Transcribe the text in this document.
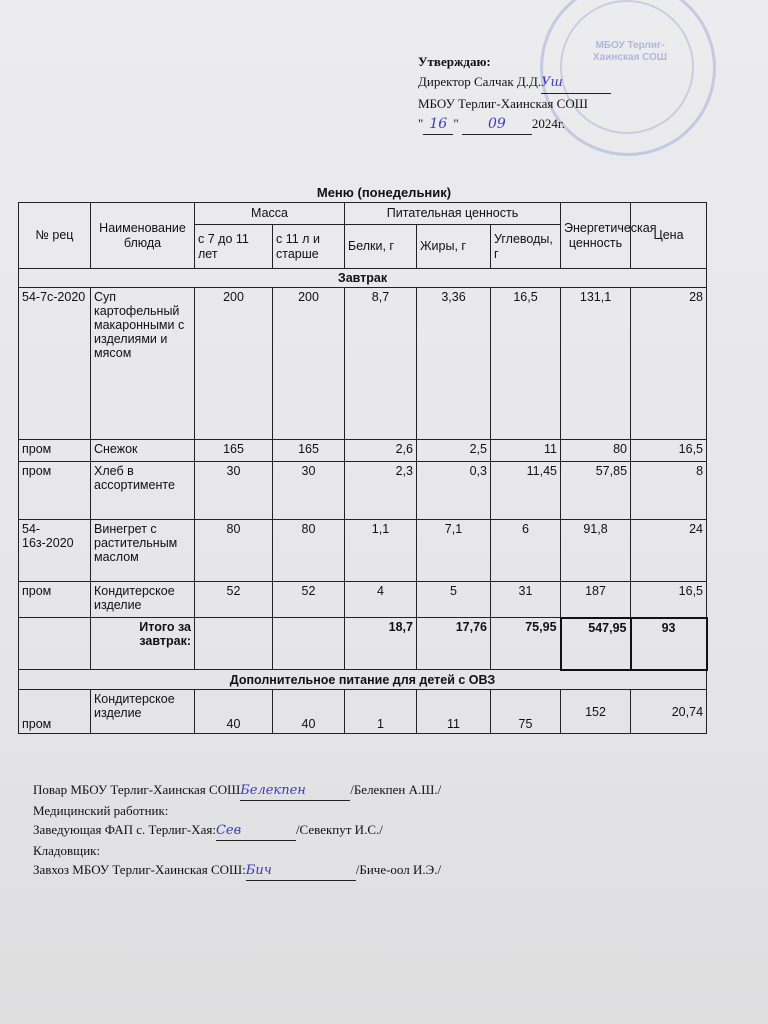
МБОУ Терлиг-Хаинская СОШ
Утверждаю:
Директор Салчак Д.Д.Уш
МБОУ Терлиг-Хаинская СОШ
" 16 " 09 2024г.
Меню (понедельник)
№ рец	Наименование блюда	Масса		Питательная ценность			Энергетическая ценность	Цена
		с 7 до 11 лет	с 11 л и старше	Белки, г	Жиры, г	Углеводы, г		
Завтрак								
54-7с-2020	Суп картофельный макаронными с изделиями и мясом	200	200	8,7	3,36	16,5	131,1	28
пром	Снежок	165	165	2,6	2,5	11	80	16,5
пром	Хлеб в ассортименте	30	30	2,3	0,3	11,45	57,85	8
54-16з-2020	Винегрет с растительным маслом	80	80	1,1	7,1	6	91,8	24
пром	Кондитерское изделие	52	52	4	5	31	187	16,5
	Итого за завтрак:			18,7	17,76	75,95	547,95	93
Дополнительное питание для детей с ОВЗ								
пром	Кондитерское изделие	40	40	1	11	75	152	20,74
Повар МБОУ Терлиг-Хаинская СОШБелекпен	/Белекпен А.Ш./
Медицинский работник:
Заведующая ФАП с. Терлиг-Хая:Сев	/Севекпут И.С./
Кладовщик:
Завхоз МБОУ Терлиг-Хаинская СОШ:Бич	/Биче-оол И.Э./
